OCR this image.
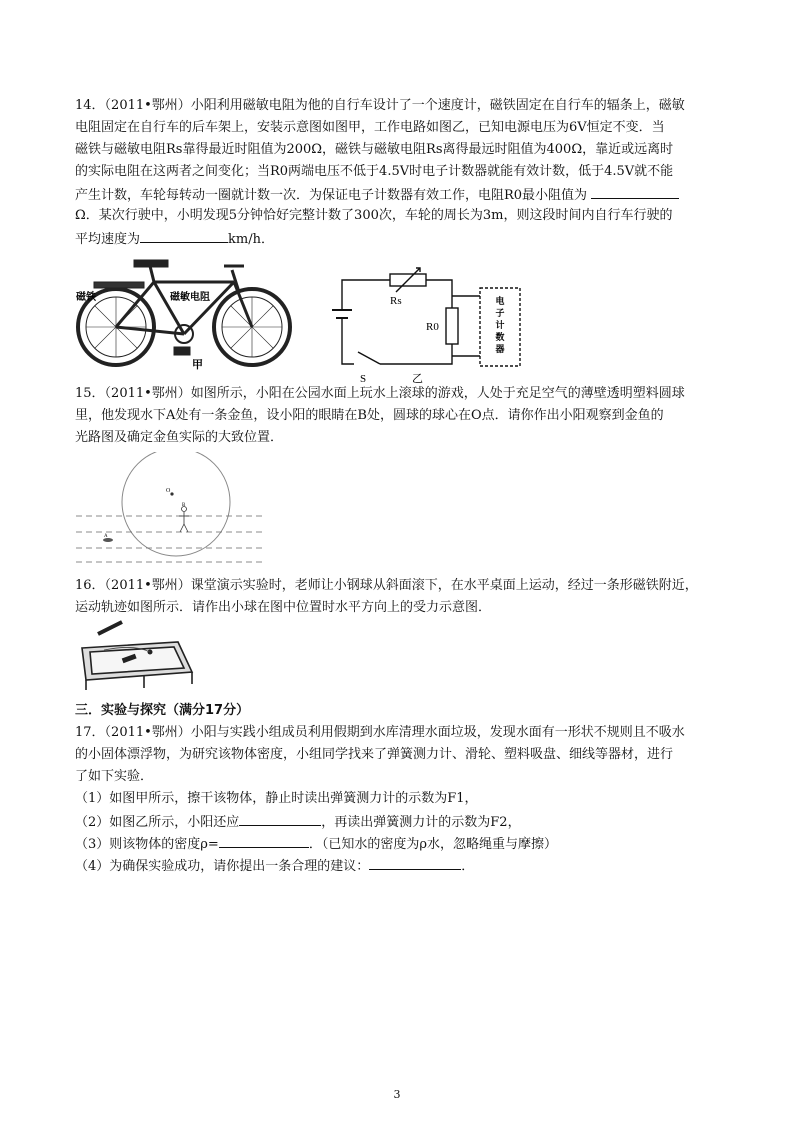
14．（2011•鄂州）小阳利用磁敏电阻为他的自行车设计了一个速度计，磁铁固定在自行车的辐条上，磁敏
电阻固定在自行车的后车架上，安装示意图如图甲，工作电路如图乙，已知电源电压为6V恒定不变．当
磁铁与磁敏电阻Rs靠得最近时阻值为200Ω，磁铁与磁敏电阻Rs离得最远时阻值为400Ω，靠近或远离时
的实际电阻在这两者之间变化；当R0两端电压不低于4.5V时电子计数器就能有效计数，低于4.5V就不能
产生计数，车轮每转动一圈就计数一次．为保证电子计数器有效工作，电阻R0最小阻值为
Ω．某次行驶中，小明发现5分钟恰好完整计数了300次，车轮的周长为3m，则这段时间内自行车行驶的
平均速度为	km/h．
磁铁	磁敏电阻
甲
Rs
R0
电
子
计
数
器
S	乙
15．（2011•鄂州）如图所示，小阳在公园水面上玩水上滚球的游戏，人处于充足空气的薄壁透明塑料圆球
里，他发现水下A处有一条金鱼，设小阳的眼睛在B处，圆球的球心在O点．请你作出小阳观察到金鱼的
光路图及确定金鱼实际的大致位置．
O
B
A
16．（2011•鄂州）课堂演示实验时，老师让小钢球从斜面滚下，在水平桌面上运动，经过一条形磁铁附近，
运动轨迹如图所示．请作出小球在图中位置时水平方向上的受力示意图．
三．实验与探究（满分17分）
17．（2011•鄂州）小阳与实践小组成员利用假期到水库清理水面垃圾，发现水面有一形状不规则且不吸水
的小固体漂浮物，为研究该物体密度，小组同学找来了弹簧测力计、滑轮、塑料吸盘、细线等器材，进行
了如下实验．
（1）如图甲所示，擦干该物体，静止时读出弹簧测力计的示数为F1，
（2）如图乙所示，小阳还应	，再读出弹簧测力计的示数为F2，
（3）则该物体的密度ρ=	．（已知水的密度为ρ水，忽略绳重与摩擦）
（4）为确保实验成功，请你提出一条合理的建议：	．
3
